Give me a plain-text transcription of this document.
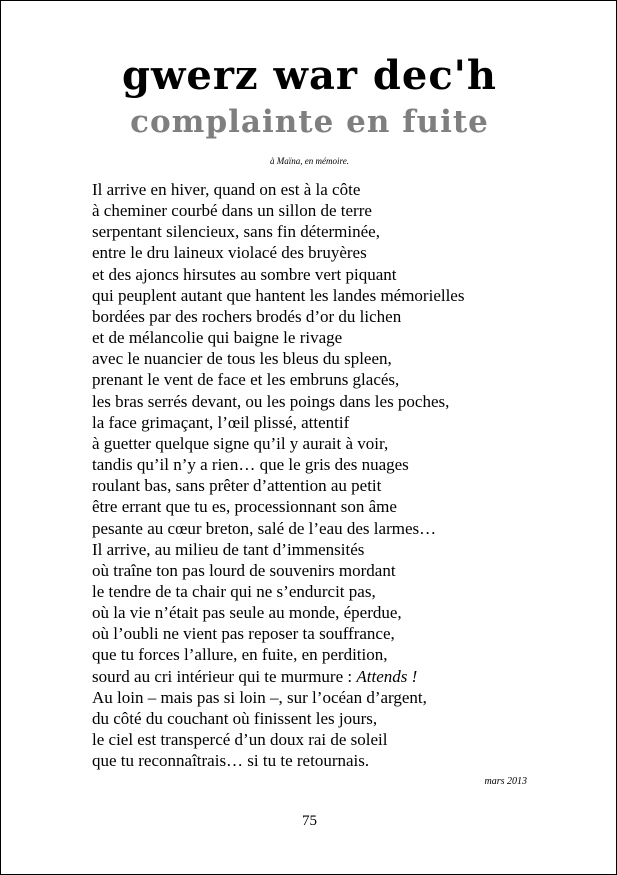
gwerz war dec'h
complainte en fuite
à Maïna, en mémoire.
Il arrive en hiver, quand on est à la côte
à cheminer courbé dans un sillon de terre
serpentant silencieux, sans fin déterminée,
entre le dru laineux violacé des bruyères
et des ajoncs hirsutes au sombre vert piquant
qui peuplent autant que hantent les landes mémorielles
bordées par des rochers brodés d’or du lichen
et de mélancolie qui baigne le rivage
avec le nuancier de tous les bleus du spleen,
prenant le vent de face et les embruns glacés,
les bras serrés devant, ou les poings dans les poches,
la face grimaçant, l’œil plissé, attentif
à guetter quelque signe qu’il y aurait à voir,
tandis qu’il n’y a rien… que le gris des nuages
roulant bas, sans prêter d’attention au petit
être errant que tu es, processionnant son âme
pesante au cœur breton, salé de l’eau des larmes…
Il arrive, au milieu de tant d’immensités
où traîne ton pas lourd de souvenirs mordant
le tendre de ta chair qui ne s’endurcit pas,
où la vie n’était pas seule au monde, éperdue,
où l’oubli ne vient pas reposer ta souffrance,
que tu forces l’allure, en fuite, en perdition,
sourd au cri intérieur qui te murmure : Attends !
Au loin – mais pas si loin –, sur l’océan d’argent,
du côté du couchant où finissent les jours,
le ciel est transpercé d’un doux rai de soleil
que tu reconnaîtrais… si tu te retournais.
mars 2013
75
